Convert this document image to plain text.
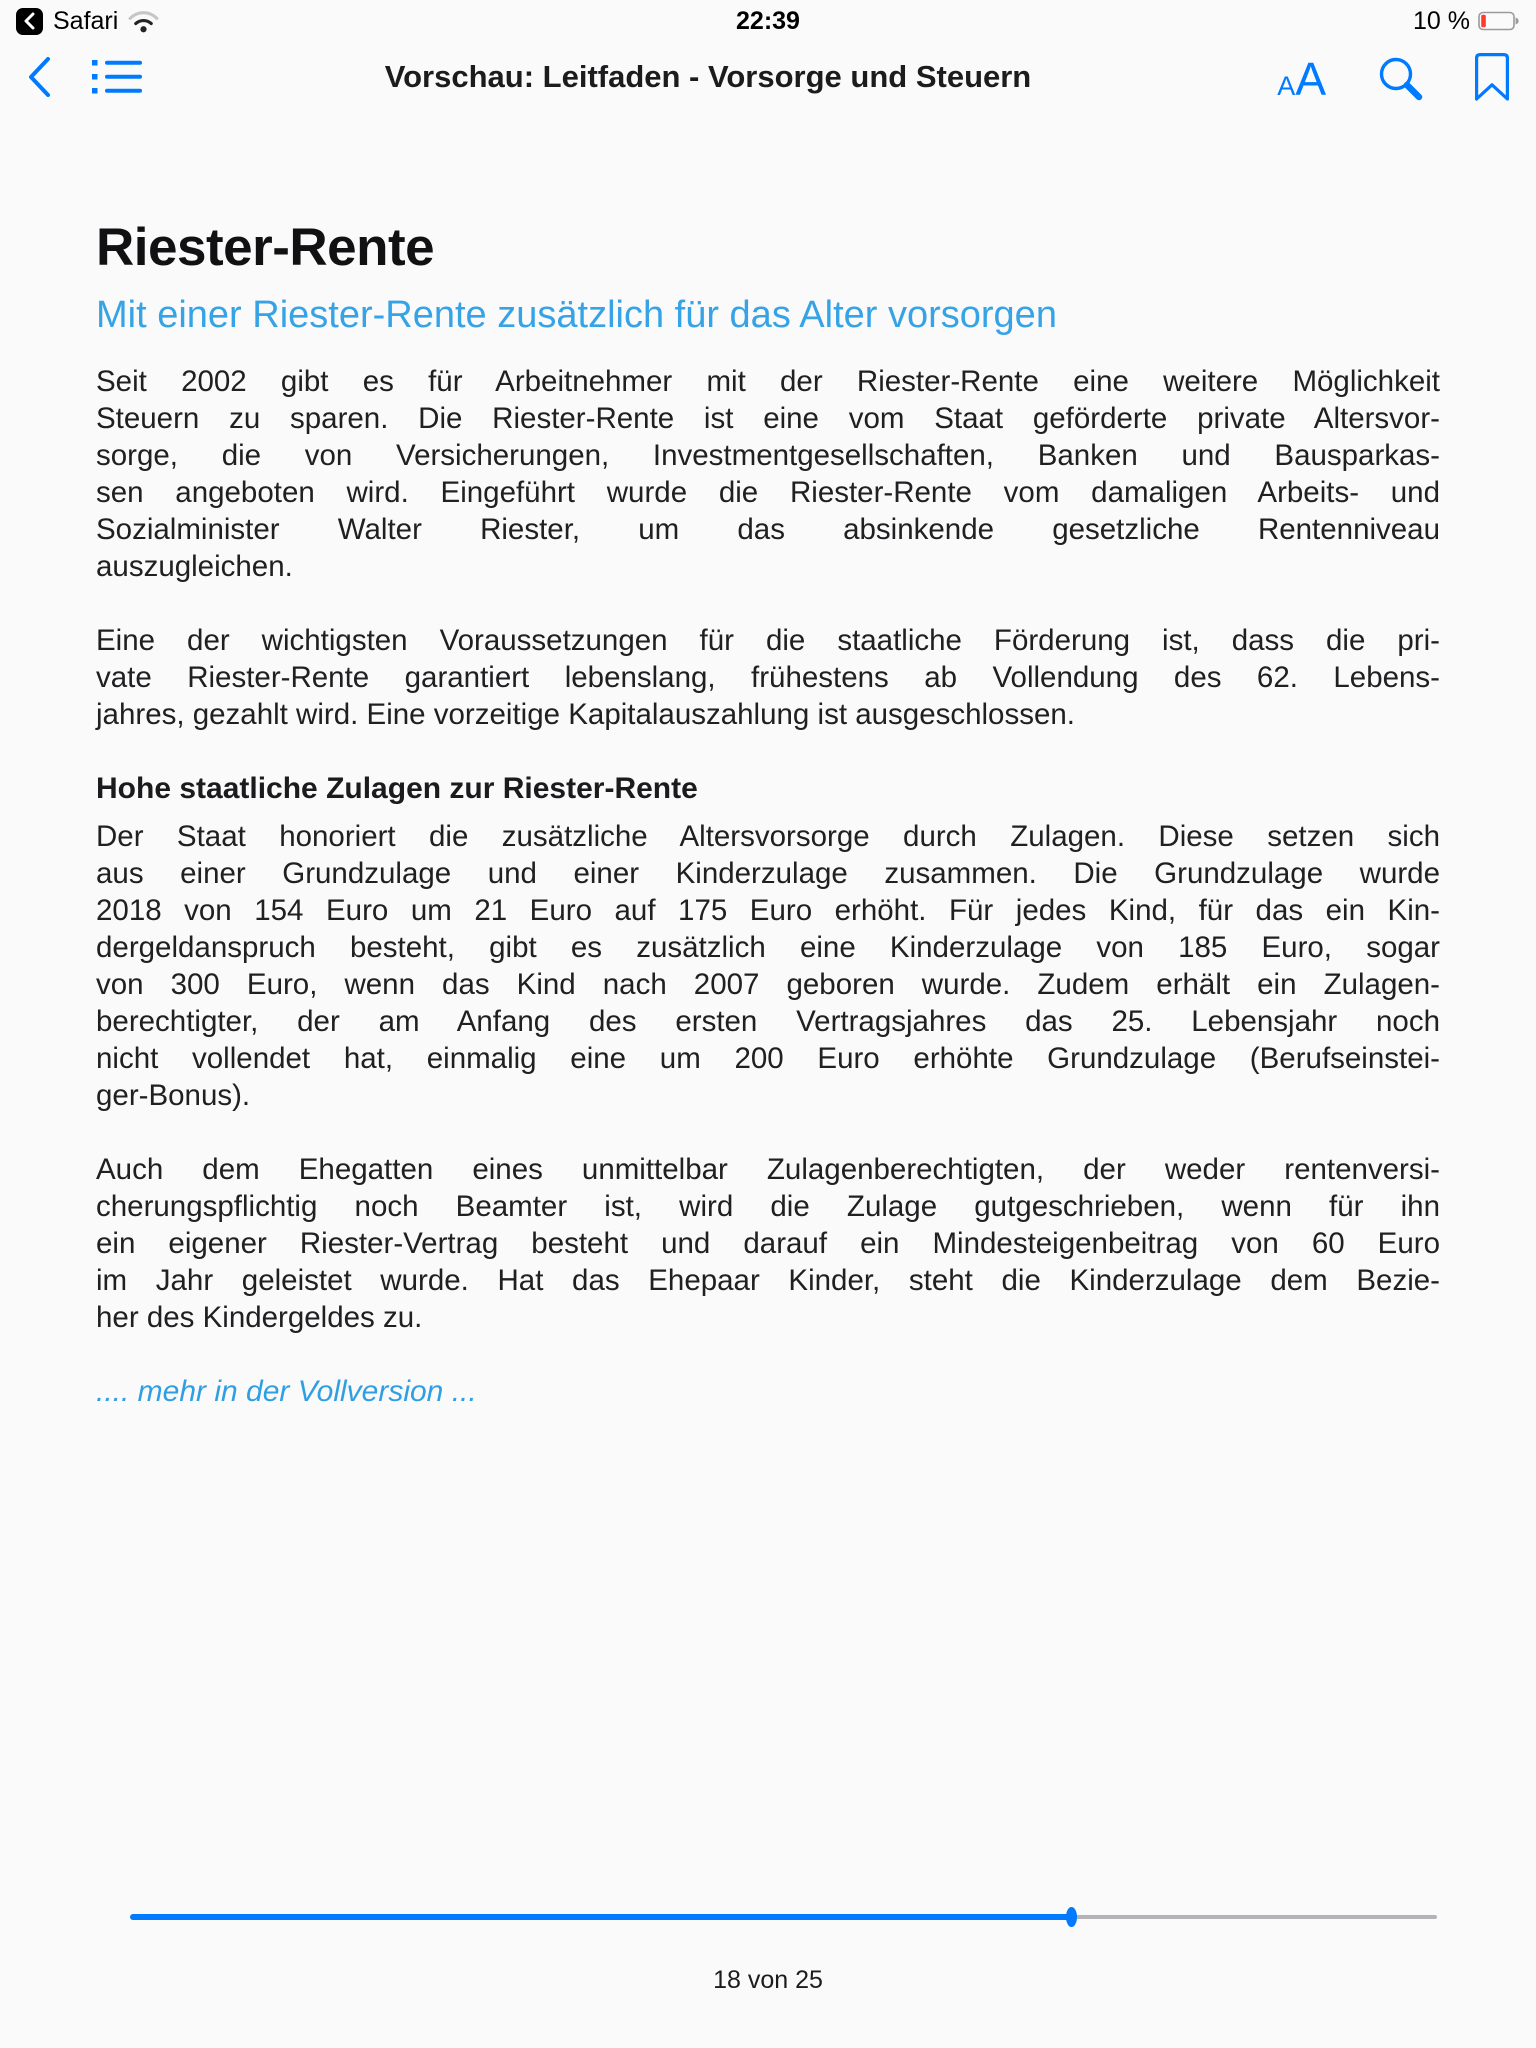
Safari	22:39	10 %
Vorschau: Leitfaden - Vorsorge und Steuern	A A
Riester-Rente
Mit einer Riester-Rente zusätzlich für das Alter vorsorgen
Seit 2002 gibt es für Arbeitnehmer mit der Riester-Rente eine weitere Möglichkeit
Steuern zu sparen. Die Riester-Rente ist eine vom Staat geförderte private Altersvor-
sorge, die von Versicherungen, Investmentgesellschaften, Banken und Bausparkas-
sen angeboten wird. Eingeführt wurde die Riester-Rente vom damaligen Arbeits- und
Sozialminister Walter Riester, um das absinkende gesetzliche Rentenniveau
auszugleichen.
Eine der wichtigsten Voraussetzungen für die staatliche Förderung ist, dass die pri-
vate Riester-Rente garantiert lebenslang, frühestens ab Vollendung des 62. Lebens-
jahres, gezahlt wird. Eine vorzeitige Kapitalauszahlung ist ausgeschlossen.
Hohe staatliche Zulagen zur Riester-Rente
Der Staat honoriert die zusätzliche Altersvorsorge durch Zulagen. Diese setzen sich
aus einer Grundzulage und einer Kinderzulage zusammen. Die Grundzulage wurde
2018 von 154 Euro um 21 Euro auf 175 Euro erhöht. Für jedes Kind, für das ein Kin-
dergeldanspruch besteht, gibt es zusätzlich eine Kinderzulage von 185 Euro, sogar
von 300 Euro, wenn das Kind nach 2007 geboren wurde. Zudem erhält ein Zulagen-
berechtigter, der am Anfang des ersten Vertragsjahres das 25. Lebensjahr noch
nicht vollendet hat, einmalig eine um 200 Euro erhöhte Grundzulage (Berufseinstei-
ger-Bonus).
Auch dem Ehegatten eines unmittelbar Zulagenberechtigten, der weder rentenversi-
cherungspflichtig noch Beamter ist, wird die Zulage gutgeschrieben, wenn für ihn
ein eigener Riester-Vertrag besteht und darauf ein Mindesteigenbeitrag von 60 Euro
im Jahr geleistet wurde. Hat das Ehepaar Kinder, steht die Kinderzulage dem Bezie-
her des Kindergeldes zu.
.... mehr in der Vollversion ...
18 von 25
